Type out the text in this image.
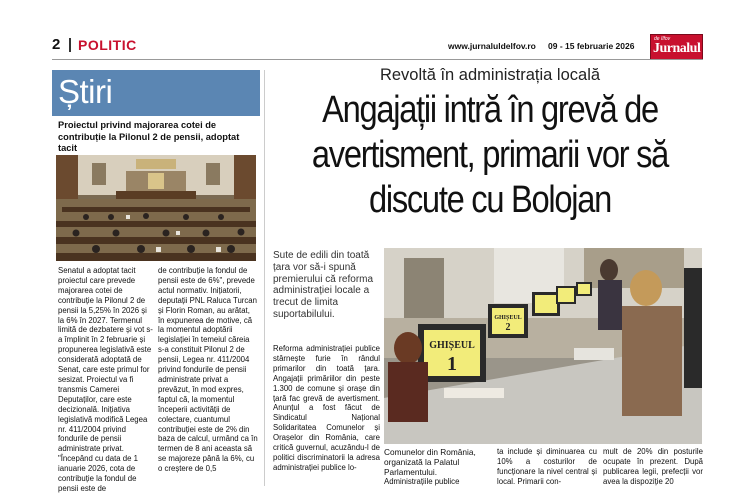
2 POLITIC	www.jurnaluldelfov.ro 09 - 15 februarie 2026
de Ilfov
Jurnalul
Știri
Proiectul privind majorarea cotei de contribuție la Pilonul 2 de pensii, adoptat tacit
Senatul a adoptat tacit proiectul care prevede majorarea cotei de contribuție la Pilonul 2 de pensii la 5,25% în 2026 și la 6% în 2027. Termenul limită de dezbatere și vot s-a împlinit în 2 februarie și propunerea legislativă este considerată adoptată de Senat, care este primul for sesizat. Proiectul va fi transmis Camerei Deputaților, care este decizională. Inițiativa legislativă modifică Legea nr. 411/2004 privind fondurile de pensii administrate privat. "Începând cu data de 1 ianuarie 2026, cota de contribuție la fondul de pensii este de
de contribuție la fondul de pensii este de 6%", prevede actul normativ. Inițiatorii, deputații PNL Raluca Turcan și Florin Roman, au arătat, în expunerea de motive, că la momentul adoptării legislației în temeiul căreia s-a constituit Pilonul 2 de pensii, Legea nr. 411/2004 privind fondurile de pensii administrate privat a prevăzut, în mod expres, faptul că, la momentul începerii activității de colectare, cuantumul contribuției este de 2% din baza de calcul, urmând ca în termen de 8 ani aceasta să se majoreze până la 6%, cu o creștere de 0,5
Revoltă în administrația locală
Angajații intră în grevă de avertisment, primarii vor să discute cu Bolojan
Sute de edili din toată țara vor să-i spună premierului că reforma administrației locale a trecut de limita suportabilului.
Reforma administrației publice stârnește furie în rândul primarilor din toată țara. Angajații primăriilor din peste 1.300 de comune și orașe din țară fac grevă de avertisment. Anunțul a fost făcut de Sindicatul Național Solidaritatea Comunelor și Orașelor din România, care critică guvernul, acuzându-l de politici discriminatorii la adresa administrației publice lo-
GHIȘEUL
1
GHIȘEUL
2
Comunelor din România, organizată la Palatul Parlamentului.
Administrațiile publice
ta include și diminuarea cu 10% a costurilor de funcționare la nivel central și local. Primarii con-
mult de 20% din posturile ocupate în prezent. După publicarea legii, prefecții vor avea la dispoziție 20
